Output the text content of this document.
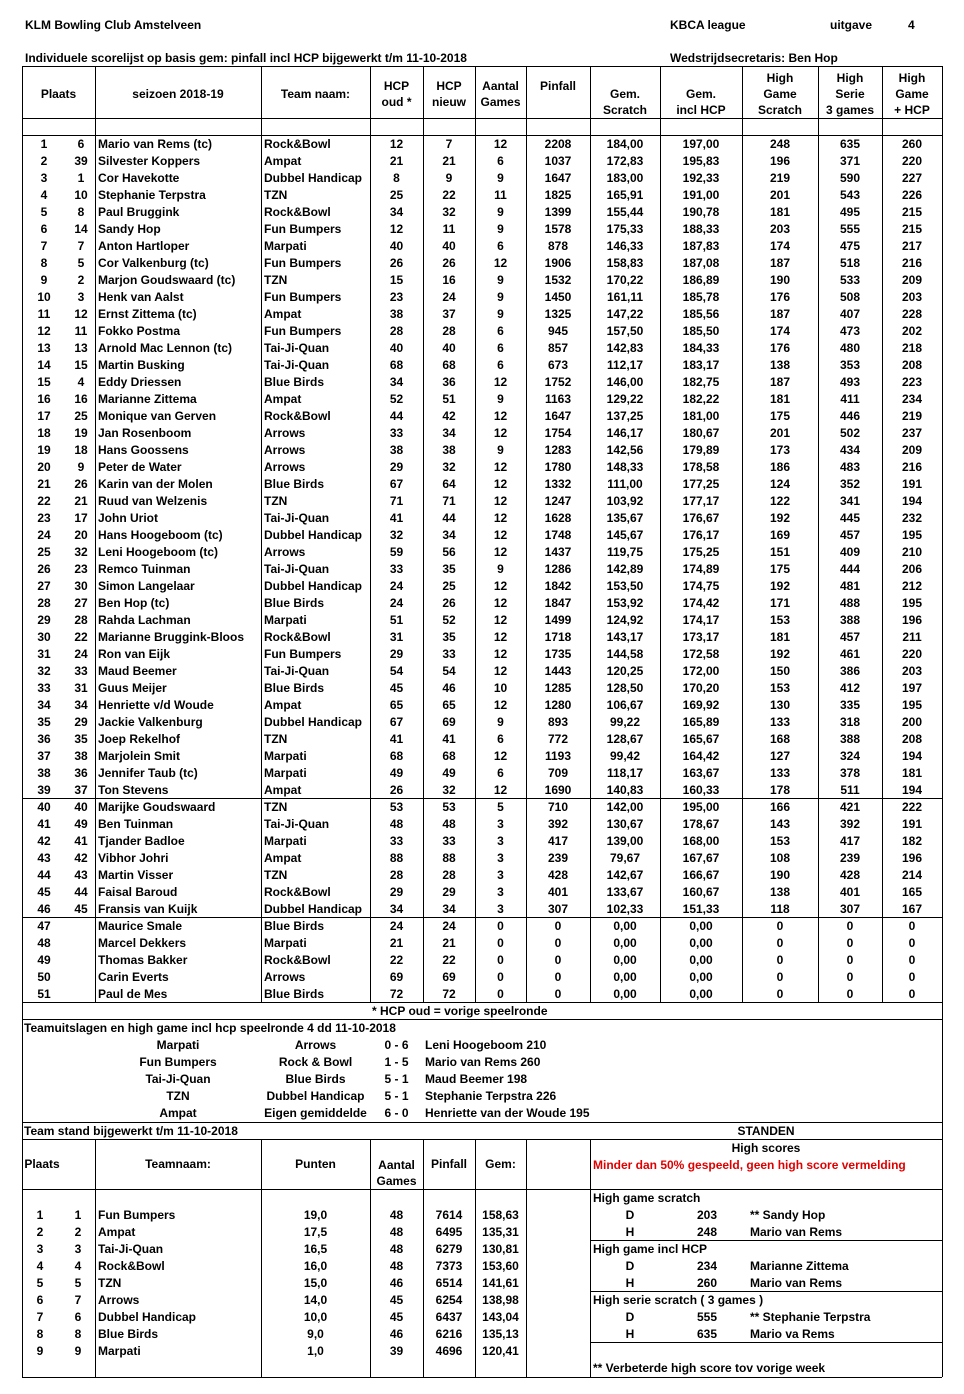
KLM Bowling Club Amstelveen	KBCA league	uitgave	4
Individuele scorelijst op basis gem: pinfall incl HCP bijgewerkt t/m 11-10-2018	Wedstrijdsecretaris: Ben Hop
Plaats	seizoen 2018-19	Team naam:
HCP
oud *
HCP
nieuw
Aantal
Games
Pinfall

Gem.
Scratch

Gem.
incl HCP
High
Game
Scratch
High
Serie
3 games
High
Game
+ HCP
1	6	Mario van Rems (tc)	Rock&Bowl	12	7	12	2208	184,00	197,00	248	635	260
2	39 Silvester Koppers	Ampat	21	21	6	1037	172,83	195,83	196	371	220
3	1	Cor Havekotte	Dubbel Handicap	8	9	9	1647	183,00	192,33	219	590	227
4	10 Stephanie Terpstra	TZN	25	22	11	1825	165,91	191,00	201	543	226
5	8	Paul Bruggink	Rock&Bowl	34	32	9	1399	155,44	190,78	181	495	215
6	14 Sandy Hop	Fun Bumpers	12	11	9	1578	175,33	188,33	203	555	215
7	7	Anton Hartloper	Marpati	40	40	6	878	146,33	187,83	174	475	217
8	5	Cor Valkenburg (tc)	Fun Bumpers	26	26	12	1906	158,83	187,08	187	518	216
9	2	Marjon Goudswaard (tc)	TZN	15	16	9	1532	170,22	186,89	190	533	209
10	3	Henk van Aalst	Fun Bumpers	23	24	9	1450	161,11	185,78	176	508	203
11	12 Ernst Zittema (tc)	Ampat	38	37	9	1325	147,22	185,56	187	407	228
12	11 Fokko Postma	Fun Bumpers	28	28	6	945	157,50	185,50	174	473	202
13	13 Arnold Mac Lennon (tc)	Tai-Ji-Quan	40	40	6	857	142,83	184,33	176	480	218
14	15 Martin Busking	Tai-Ji-Quan	68	68	6	673	112,17	183,17	138	353	208
15	4	Eddy Driessen	Blue Birds	34	36	12	1752	146,00	182,75	187	493	223
16	16 Marianne Zittema	Ampat	52	51	9	1163	129,22	182,22	181	411	234
17	25 Monique van Gerven	Rock&Bowl	44	42	12	1647	137,25	181,00	175	446	219
18	19 Jan Rosenboom	Arrows	33	34	12	1754	146,17	180,67	201	502	237
19	18 Hans Goossens	Arrows	38	38	9	1283	142,56	179,89	173	434	209
20	9	Peter de Water	Arrows	29	32	12	1780	148,33	178,58	186	483	216
21	26 Karin van der Molen	Blue Birds	67	64	12	1332	111,00	177,25	124	352	191
22	21 Ruud van Welzenis	TZN	71	71	12	1247	103,92	177,17	122	341	194
23	17 John Uriot	Tai-Ji-Quan	41	44	12	1628	135,67	176,67	192	445	232
24	20 Hans Hoogeboom (tc)	Dubbel Handicap	32	34	12	1748	145,67	176,17	169	457	195
25	32 Leni Hoogeboom (tc)	Arrows	59	56	12	1437	119,75	175,25	151	409	210
26	23 Remco Tuinman	Tai-Ji-Quan	33	35	9	1286	142,89	174,89	175	444	206
27	30 Simon Langelaar	Dubbel Handicap	24	25	12	1842	153,50	174,75	192	481	212
28	27 Ben Hop (tc)	Blue Birds	24	26	12	1847	153,92	174,42	171	488	195
29	28 Rahda Lachman	Marpati	51	52	12	1499	124,92	174,17	153	388	196
30	22 Marianne Bruggink-Bloos	Rock&Bowl	31	35	12	1718	143,17	173,17	181	457	211
31	24 Ron van Eijk	Fun Bumpers	29	33	12	1735	144,58	172,58	192	461	220
32	33 Maud Beemer	Tai-Ji-Quan	54	54	12	1443	120,25	172,00	150	386	203
33	31 Guus Meijer	Blue Birds	45	46	10	1285	128,50	170,20	153	412	197
34	34 Henriette v/d Woude	Ampat	65	65	12	1280	106,67	169,92	130	335	195
35	29 Jackie Valkenburg	Dubbel Handicap	67	69	9	893	99,22	165,89	133	318	200
36	35 Joep Rekelhof	TZN	41	41	6	772	128,67	165,67	168	388	208
37	38 Marjolein Smit	Marpati	68	68	12	1193	99,42	164,42	127	324	194
38	36 Jennifer Taub (tc)	Marpati	49	49	6	709	118,17	163,67	133	378	181
39	37 Ton Stevens	Ampat	26	32	12	1690	140,83	160,33	178	511	194
40	40 Marijke Goudswaard	TZN	53	53	5	710	142,00	195,00	166	421	222
41	49 Ben Tuinman	Tai-Ji-Quan	48	48	3	392	130,67	178,67	143	392	191
42	41 Tjander Badloe	Marpati	33	33	3	417	139,00	168,00	153	417	182
43	42 Vibhor Johri	Ampat	88	88	3	239	79,67	167,67	108	239	196
44	43 Martin Visser	TZN	28	28	3	428	142,67	166,67	190	428	214
45	44 Faisal Baroud	Rock&Bowl	29	29	3	401	133,67	160,67	138	401	165
46	45 Fransis van Kuijk	Dubbel Handicap	34	34	3	307	102,33	151,33	118	307	167
47	Maurice Smale	Blue Birds	24	24	0	0	0,00	0,00	0	0	0
48	Marcel Dekkers	Marpati	21	21	0	0	0,00	0,00	0	0	0
49	Thomas Bakker	Rock&Bowl	22	22	0	0	0,00	0,00	0	0	0
50	Carin Everts	Arrows	69	69	0	0	0,00	0,00	0	0	0
51	Paul de Mes	Blue Birds	72	72	0	0	0,00	0,00	0	0	0
* HCP oud = vorige speelronde
Teamuitslagen en high game incl hcp speelronde 4 dd 11-10-2018
Marpati	Arrows	0 - 6	Leni Hoogeboom 210
Fun Bumpers	Rock & Bowl	1 - 5	Mario van Rems 260
Tai-Ji-Quan	Blue Birds	5 - 1	Maud Beemer 198
TZN	Dubbel Handicap	5 - 1	Stephanie Terpstra 226
Ampat	Eigen gemiddelde	6 - 0	Henriette van der Woude 195
Team stand bijgewerkt t/m 11-10-2018
Plaats	Teamnaam:	Punten	Aantal
Games
Pinfall	Gem:
1	1	Fun Bumpers	19,0	48	7614	158,63
2	2	Ampat	17,5	48	6495	135,31
3	3	Tai-Ji-Quan	16,5	48	6279	130,81
4	4	Rock&Bowl	16,0	48	7373	153,60
5	5	TZN	15,0	46	6514	141,61
6	7	Arrows	14,0	45	6254	138,98
7	6	Dubbel Handicap	10,0	45	6437	143,04
8	8	Blue Birds	9,0	46	6216	135,13
9	9	Marpati	1,0	39	4696	120,41
STANDEN
High scores
Minder dan 50% gespeeld, geen high score vermelding
High game scratch
D	203	** Sandy Hop
H	248	Mario van Rems
High game incl HCP
D	234	Marianne Zittema
H	260	Mario van Rems
High serie scratch ( 3 games )
D	555	** Stephanie Terpstra
H	635	Mario va Rems
** Verbeterde high score tov vorige week
